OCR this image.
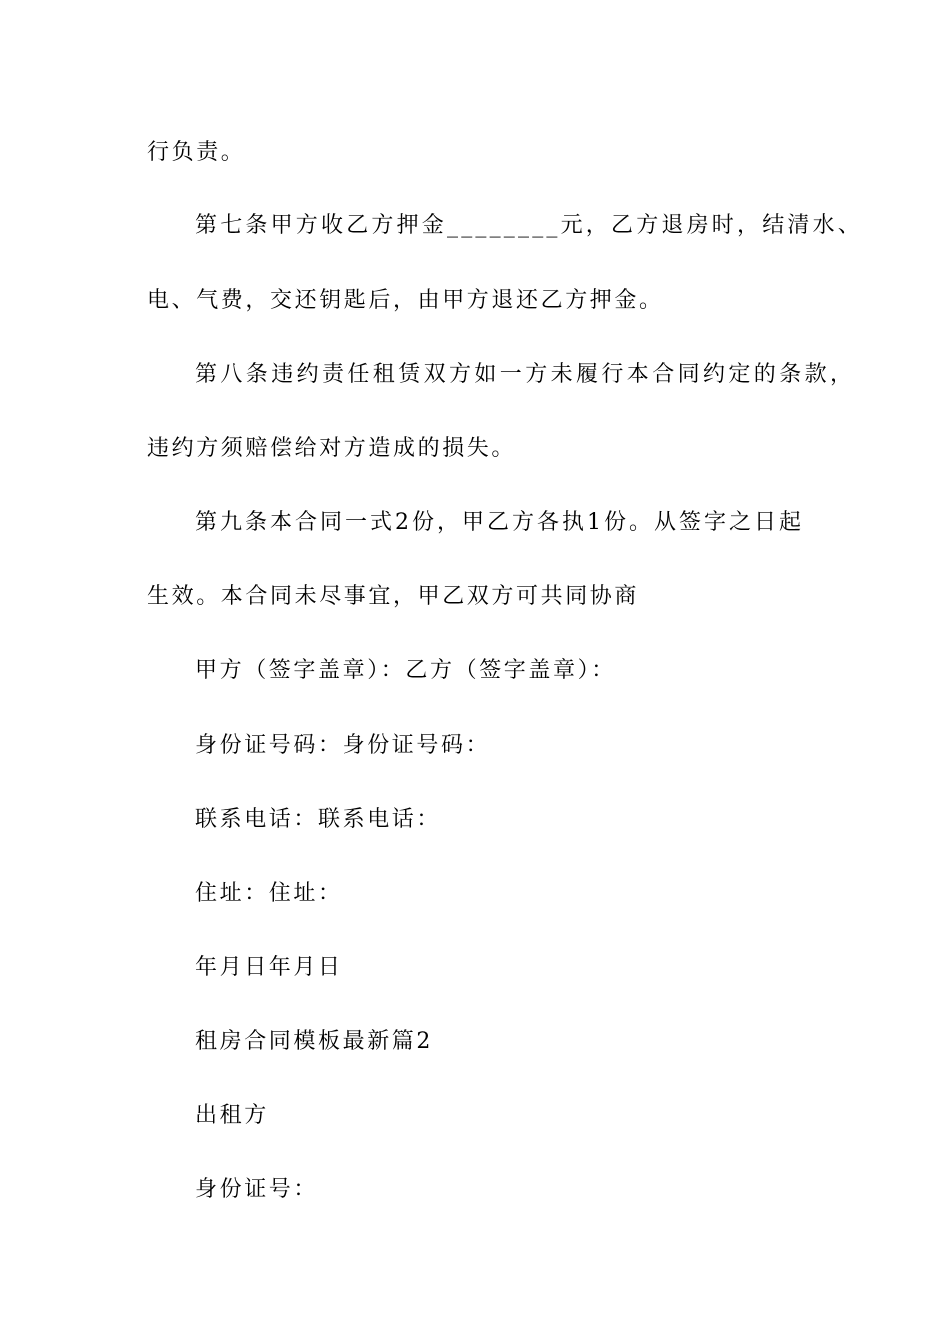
行负责。
第七条甲方收乙方押金________元，乙方退房时，结清水、
电、气费，交还钥匙后，由甲方退还乙方押金。
第八条违约责任租赁双方如一方未履行本合同约定的条款，
违约方须赔偿给对方造成的损失。
第九条本合同一式2份，甲乙方各执1份。从签字之日起
生效。本合同未尽事宜，甲乙双方可共同协商
甲方（签字盖章）：乙方（签字盖章）：
身份证号码：身份证号码：
联系电话：联系电话：
住址：住址：
年月日年月日
租房合同模板最新篇2
出租方
身份证号：
